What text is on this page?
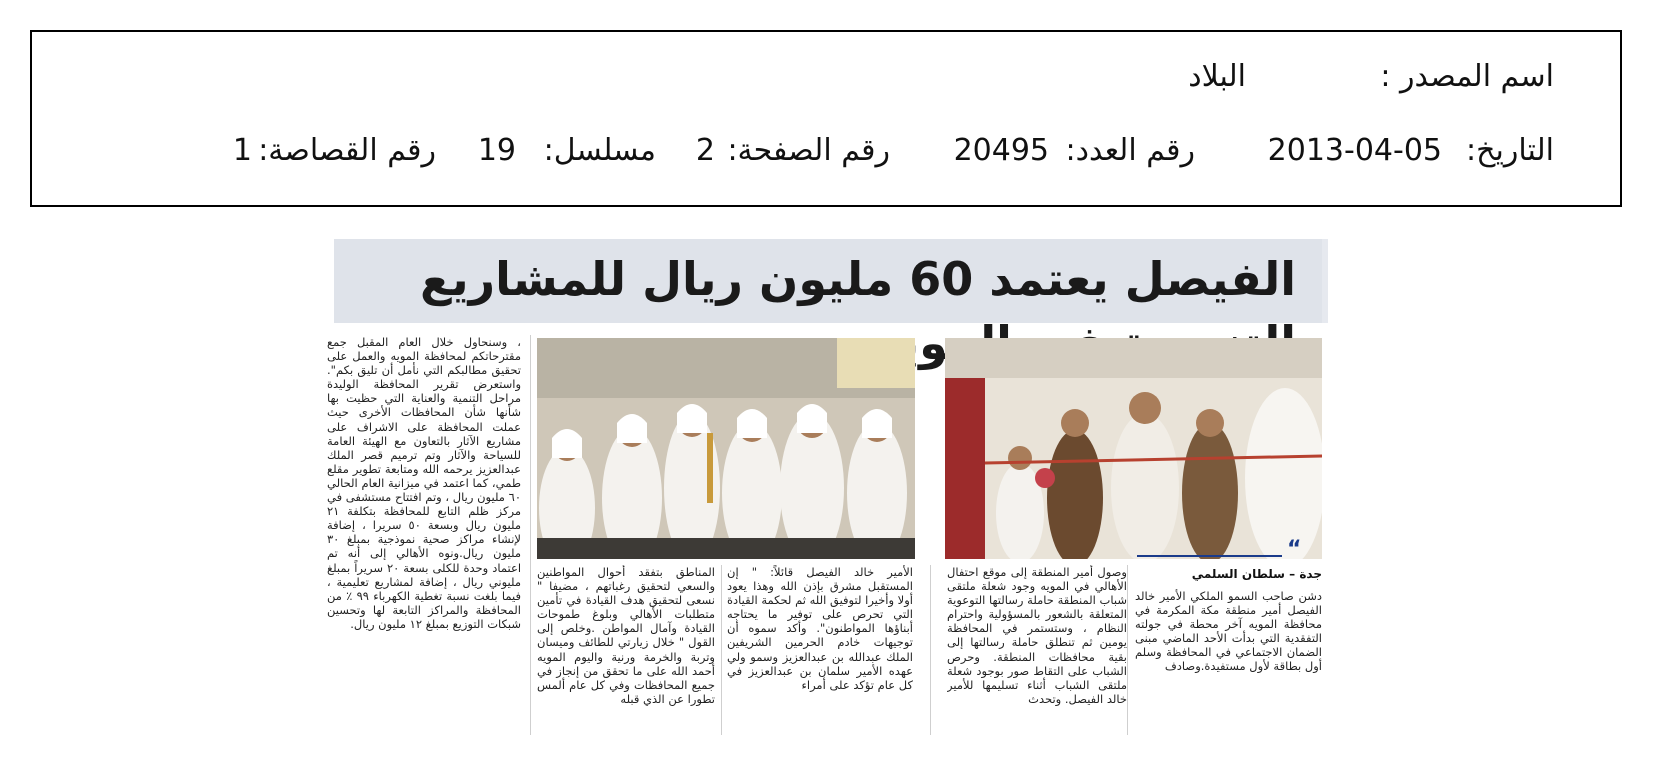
اسم المصدر :
البلاد
التاريخ:
2013-04-05
رقم العدد:
20495
رقم الصفحة:
2
مسلسل:
19
رقم القصاصة:
1
الفيصل يعتمد 60 مليون ريال للمشاريع المويه
“
جدة – سلطان السلمي

دشن صاحب السمو الملكي الأمير خالد الفيصل أمير منطقة مكة المكرمة في محافظة المويه آخر محطة في جولته التفقدية التي بدأت الأحد الماضي مبنى الضمان الاجتماعي في المحافظة وسلم أول بطاقة لأول مستفيدة.وصادف

وصول أمير المنطقة إلى موقع احتفال الأهالي في المويه وجود شعلة ملتقى شباب المنطقة حاملة رسالتها التوعوية المتعلقة بالشعور بالمسؤولية واحترام النظام ، وستستمر في المحافظة يومين ثم تنطلق حاملة رسالتها إلى بقية محافظات المنطقة. وحرص الشباب على التقاط صور بوجود شعلة ملتقى الشباب أثناء تسليمها للأمير خالد الفيصل. وتحدث

الأمير خالد الفيصل قائلاً: " إن المستقبل مشرق بإذن الله وهذا يعود أولا وأخيرا لتوفيق الله ثم لحكمة القيادة التي تحرص على توفير ما يحتاجه أبناؤها المواطنون". وأكد سموه أن توجيهات خادم الحرمين الشريفين الملك عبدالله بن عبدالعزيز وسمو ولي عهده الأمير سلمان بن عبدالعزيز في كل عام تؤكد على أمراء

المناطق بتفقد أحوال المواطنين والسعي لتحقيق رغباتهم ، مضيفا " نسعى لتحقيق هدف القيادة في تأمين متطلبات الأهالي وبلوغ طموحات القيادة وآمال المواطن .وخلص إلى القول " خلال زيارتي للطائف وميسان وتربة والخرمة ورنية واليوم المويه أحمد الله على ما تحقق من إنجاز في جميع المحافظات وفي كل عام ألمس تطورا عن الذي قبله

، وسنحاول خلال العام المقبل جمع مقترحاتكم لمحافظة المويه والعمل على تحقيق مطالبكم التي نأمل أن تليق بكم". واستعرض تقرير المحافظة الوليدة مراحل التنمية والعناية التي حظيت بها شأنها شأن المحافظات الأخرى حيث عملت المحافظة على الاشراف على مشاريع الآثار بالتعاون مع الهيئة العامة للسياحة والآثار وتم ترميم قصر الملك عبدالعزيز يرحمه الله ومتابعة تطوير مقلع طمي، كما اعتمد في ميزانية العام الحالي ٦٠ مليون ريال ، وتم افتتاح مستشفى في مركز ظلم التابع للمحافظة بتكلفة ٢١ مليون ريال وبسعة ٥٠ سريرا ، إضافة لإنشاء مراكز صحية نموذجية بمبلغ ٣٠ مليون ريال.ونوه الأهالي إلى أنه تم اعتماد وحدة للكلى بسعة ٢٠ سريراً بمبلغ مليوني ريال ، إضافة لمشاريع تعليمية ، فيما بلغت نسبة تغطية الكهرباء ٩٩ ٪ من المحافظة والمراكز التابعة لها وتحسين شبكات التوزيع بمبلغ ١٢ مليون ريال.
